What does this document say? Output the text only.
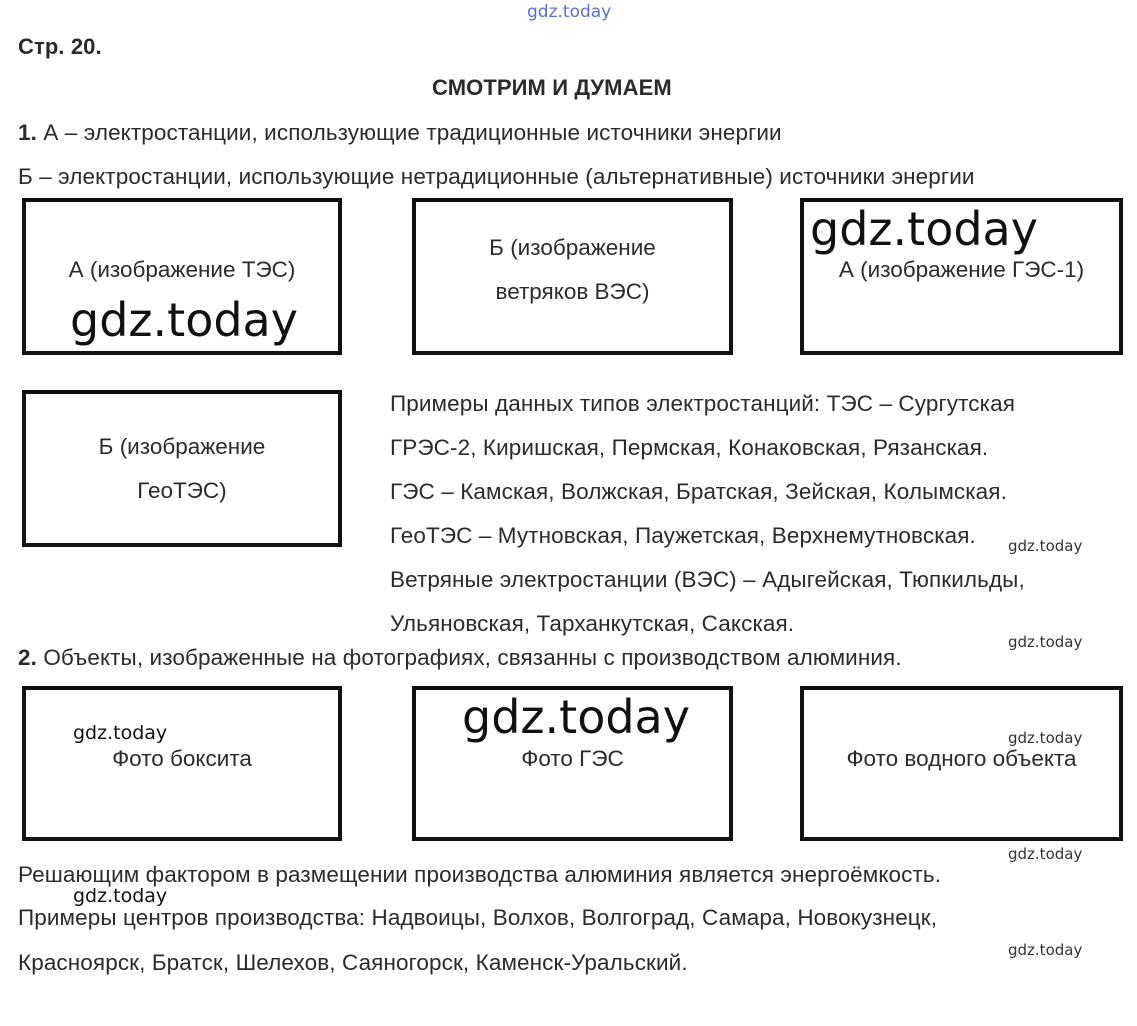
gdz.today
Стр. 20.
СМОТРИМ И ДУМАЕМ
1. А – электростанции, использующие традиционные источники энергии
Б – электростанции, использующие нетрадиционные (альтернативные) источники энергии
А (изображение ТЭС)
Б (изображение
ветряков ВЭС)
А (изображение ГЭС-1)
Б (изображение
ГеоТЭС)
Примеры данных типов электростанций: ТЭС – Сургутская
ГРЭС-2, Киришская, Пермская, Конаковская, Рязанская.
ГЭС – Камская, Волжская, Братская, Зейская, Колымская.
ГеоТЭС – Мутновская, Паужетская, Верхнемутновская.
Ветряные электростанции (ВЭС) – Адыгейская, Тюпкильды,
Ульяновская, Тарханкутская, Сакская.
2. Объекты, изображенные на фотографиях, связанны с производством алюминия.
Фото боксита	Фото ГЭС	Фото водного объекта
Решающим фактором в размещении производства алюминия является энергоёмкость.
Примеры центров производства: Надвоицы, Волхов, Волгоград, Самара, Новокузнецк,
Красноярск, Братск, Шелехов, Саяногорск, Каменск-Уральский.
gdz.today
gdz.today
gdz.today
gdz.today
gdz.today
gdz.today
gdz.today
gdz.today
gdz.today
gdz.today
